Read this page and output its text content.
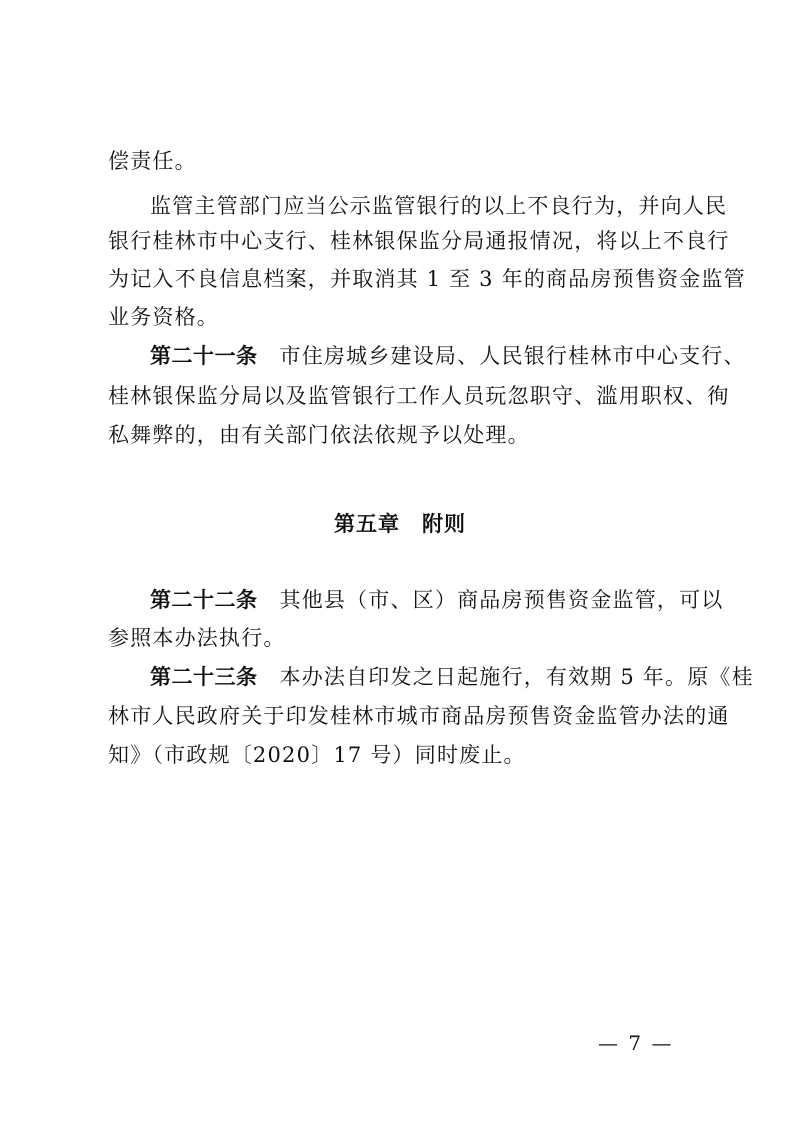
偿责任。
监管主管部门应当公示监管银行的以上不良行为，并向人民
银行桂林市中心支行、桂林银保监分局通报情况，将以上不良行
为记入不良信息档案，并取消其 1 至 3 年的商品房预售资金监管
业务资格。
第二十一条 市住房城乡建设局、人民银行桂林市中心支行、
桂林银保监分局以及监管银行工作人员玩忽职守、滥用职权、徇
私舞弊的，由有关部门依法依规予以处理。
第五章　附则
第二十二条 其他县（市、区）商品房预售资金监管，可以
参照本办法执行。
第二十三条 本办法自印发之日起施行，有效期 5 年。原《桂
林市人民政府关于印发桂林市城市商品房预售资金监管办法的通
知》（市政规〔2020〕17 号）同时废止。
— 7 —
